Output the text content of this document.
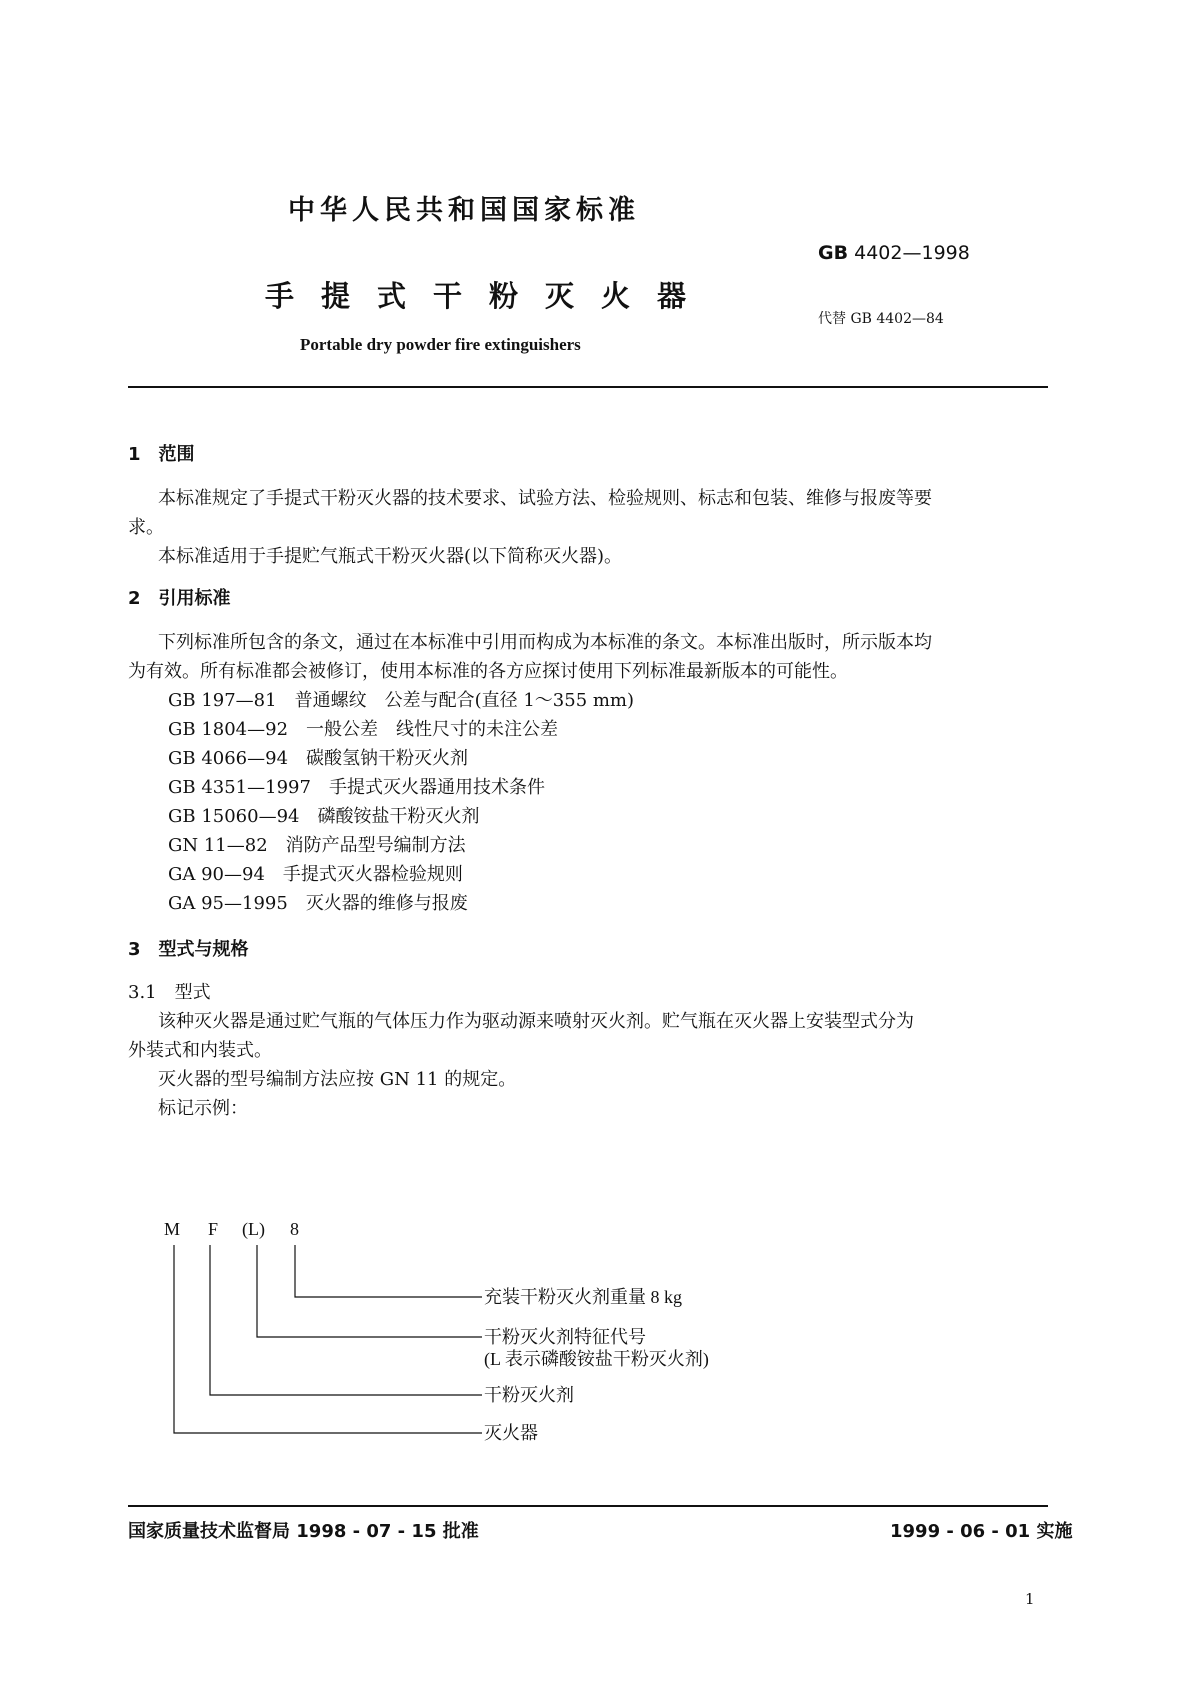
中华人民共和国国家标准
GB 4402—1998
手提式干粉灭火器
代替 GB 4402—84
Portable dry powder fire extinguishers
1　范围
本标准规定了手提式干粉灭火器的技术要求、试验方法、检验规则、标志和包装、维修与报废等要
求。
本标准适用于手提贮气瓶式干粉灭火器(以下简称灭火器)。
2　引用标准
下列标准所包含的条文，通过在本标准中引用而构成为本标准的条文。本标准出版时，所示版本均
为有效。所有标准都会被修订，使用本标准的各方应探讨使用下列标准最新版本的可能性。
GB 197—81　 普通螺纹　公差与配合(直径 1～355 mm)
GB 1804—92　 一般公差　线性尺寸的未注公差
GB 4066—94　 碳酸氢钠干粉灭火剂
GB 4351—1997　 手提式灭火器通用技术条件
GB 15060—94　 磷酸铵盐干粉灭火剂
GN 11—82　 消防产品型号编制方法
GA 90—94　 手提式灭火器检验规则
GA 95—1995　 灭火器的维修与报废
3　型式与规格
3.1　型式
该种灭火器是通过贮气瓶的气体压力作为驱动源来喷射灭火剂。贮气瓶在灭火器上安装型式分为
外装式和内装式。
灭火器的型号编制方法应按 GN 11 的规定。
标记示例：
M F (L) 8
充装干粉灭火剂重量 8 kg
干粉灭火剂特征代号
(L 表示磷酸铵盐干粉灭火剂)
干粉灭火剂
灭火器
国家质量技术监督局 1998 - 07 - 15 批准	1999 - 06 - 01 实施
1
